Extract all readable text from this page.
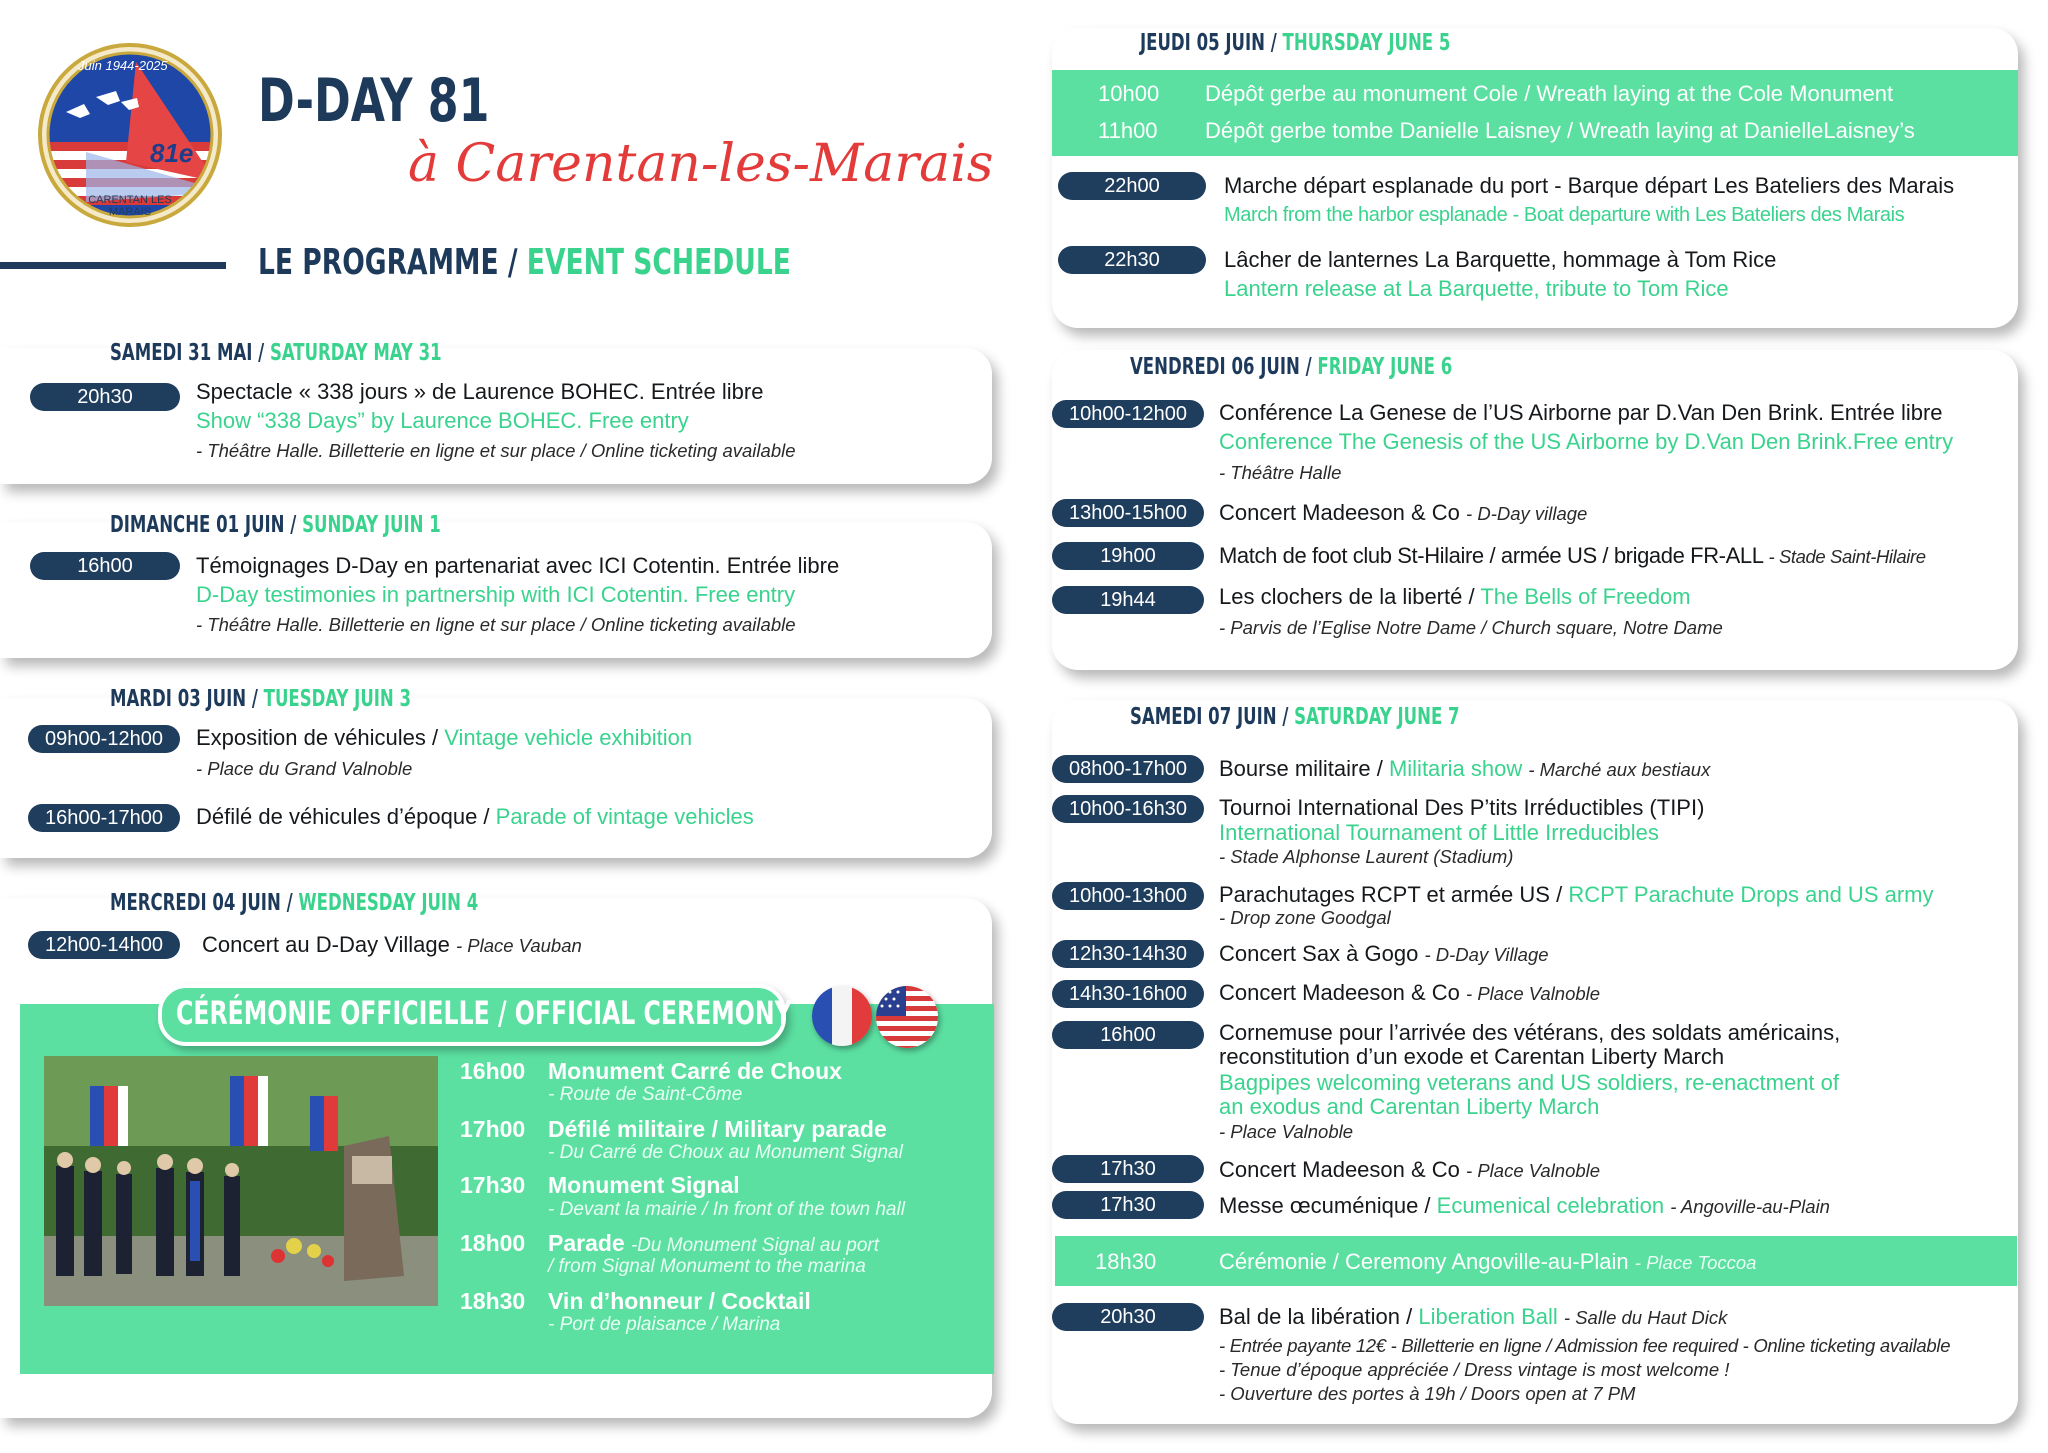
Juin 1944-2025
81e
CARENTAN LES MARAIS
D-DAY 81
à Carentan-les-Marais
LE PROGRAMME / EVENT SCHEDULE
SAMEDI 31 MAI / SATURDAY MAY 31
20h30	Spectacle « 338 jours » de Laurence BOHEC. Entrée libre
Show “338 Days” by Laurence BOHEC. Free entry
- Théâtre Halle. Billetterie en ligne et sur place / Online ticketing available
DIMANCHE 01 JUIN / SUNDAY JUIN 1
16h00	Témoignages D-Day en partenariat avec ICI Cotentin. Entrée libre
D-Day testimonies in partnership with ICI Cotentin. Free entry
- Théâtre Halle. Billetterie en ligne et sur place / Online ticketing available
MARDI 03 JUIN / TUESDAY JUIN 3
09h00-12h00	Exposition de véhicules / Vintage vehicle exhibition
- Place du Grand Valnoble
16h00-17h00	Défilé de véhicules d’époque / Parade of vintage vehicles
MERCREDI 04 JUIN / WEDNESDAY JUIN 4
12h00-14h00	Concert au D-Day Village - Place Vauban
CÉRÉMONIE OFFICIELLE / OFFICIAL CEREMONY
16h00 Monument Carré de Choux
- Route de Saint-Côme
17h00 Défilé militaire / Military parade
- Du Carré de Choux au Monument Signal
17h30 Monument Signal
- Devant la mairie / In front of the town hall
18h00 Parade -Du Monument Signal au port
/ from Signal Monument to the marina
18h30 Vin d’honneur / Cocktail
- Port de plaisance / Marina
JEUDI 05 JUIN / THURSDAY JUNE 5
10h00 Dépôt gerbe au monument Cole / Wreath laying at the Cole Monument
11h00 Dépôt gerbe tombe Danielle Laisney / Wreath laying at DanielleLaisney’s
22h00	Marche départ esplanade du port - Barque départ Les Bateliers des Marais
March from the harbor esplanade - Boat departure with Les Bateliers des Marais
22h30	Lâcher de lanternes La Barquette, hommage à Tom Rice
Lantern release at La Barquette, tribute to Tom Rice
VENDREDI 06 JUIN / FRIDAY JUNE 6
10h00-12h00	Conférence La Genese de l’US Airborne par D.Van Den Brink. Entrée libre
Conference The Genesis of the US Airborne by D.Van Den Brink.Free entry
- Théâtre Halle
13h00-15h00	Concert Madeeson & Co - D-Day village
19h00	Match de foot club St-Hilaire / armée US / brigade FR-ALL - Stade Saint-Hilaire
19h44	Les clochers de la liberté / The Bells of Freedom
- Parvis de l’Eglise Notre Dame / Church square, Notre Dame
SAMEDI 07 JUIN / SATURDAY JUNE 7
08h00-17h00	Bourse militaire / Militaria show - Marché aux bestiaux
10h00-16h30	Tournoi International Des P’tits Irréductibles (TIPI)
International Tournament of Little Irreducibles
- Stade Alphonse Laurent (Stadium)
10h00-13h00	Parachutages RCPT et armée US / RCPT Parachute Drops and US army
- Drop zone Goodgal
12h30-14h30	Concert Sax à Gogo - D-Day Village
14h30-16h00	Concert Madeeson & Co - Place Valnoble
16h00	Cornemuse pour l’arrivée des vétérans, des soldats américains,
reconstitution d’un exode et Carentan Liberty March
Bagpipes welcoming veterans and US soldiers, re-enactment of
an exodus and Carentan Liberty March
- Place Valnoble
17h30	Concert Madeeson & Co - Place Valnoble
17h30	Messe œcuménique / Ecumenical celebration - Angoville-au-Plain
18h30	Cérémonie / Ceremony Angoville-au-Plain - Place Toccoa
20h30	Bal de la libération / Liberation Ball - Salle du Haut Dick
- Entrée payante 12€ - Billetterie en ligne / Admission fee required - Online ticketing available
- Tenue d’époque appréciée / Dress vintage is most welcome !
- Ouverture des portes à 19h / Doors open at 7 PM
